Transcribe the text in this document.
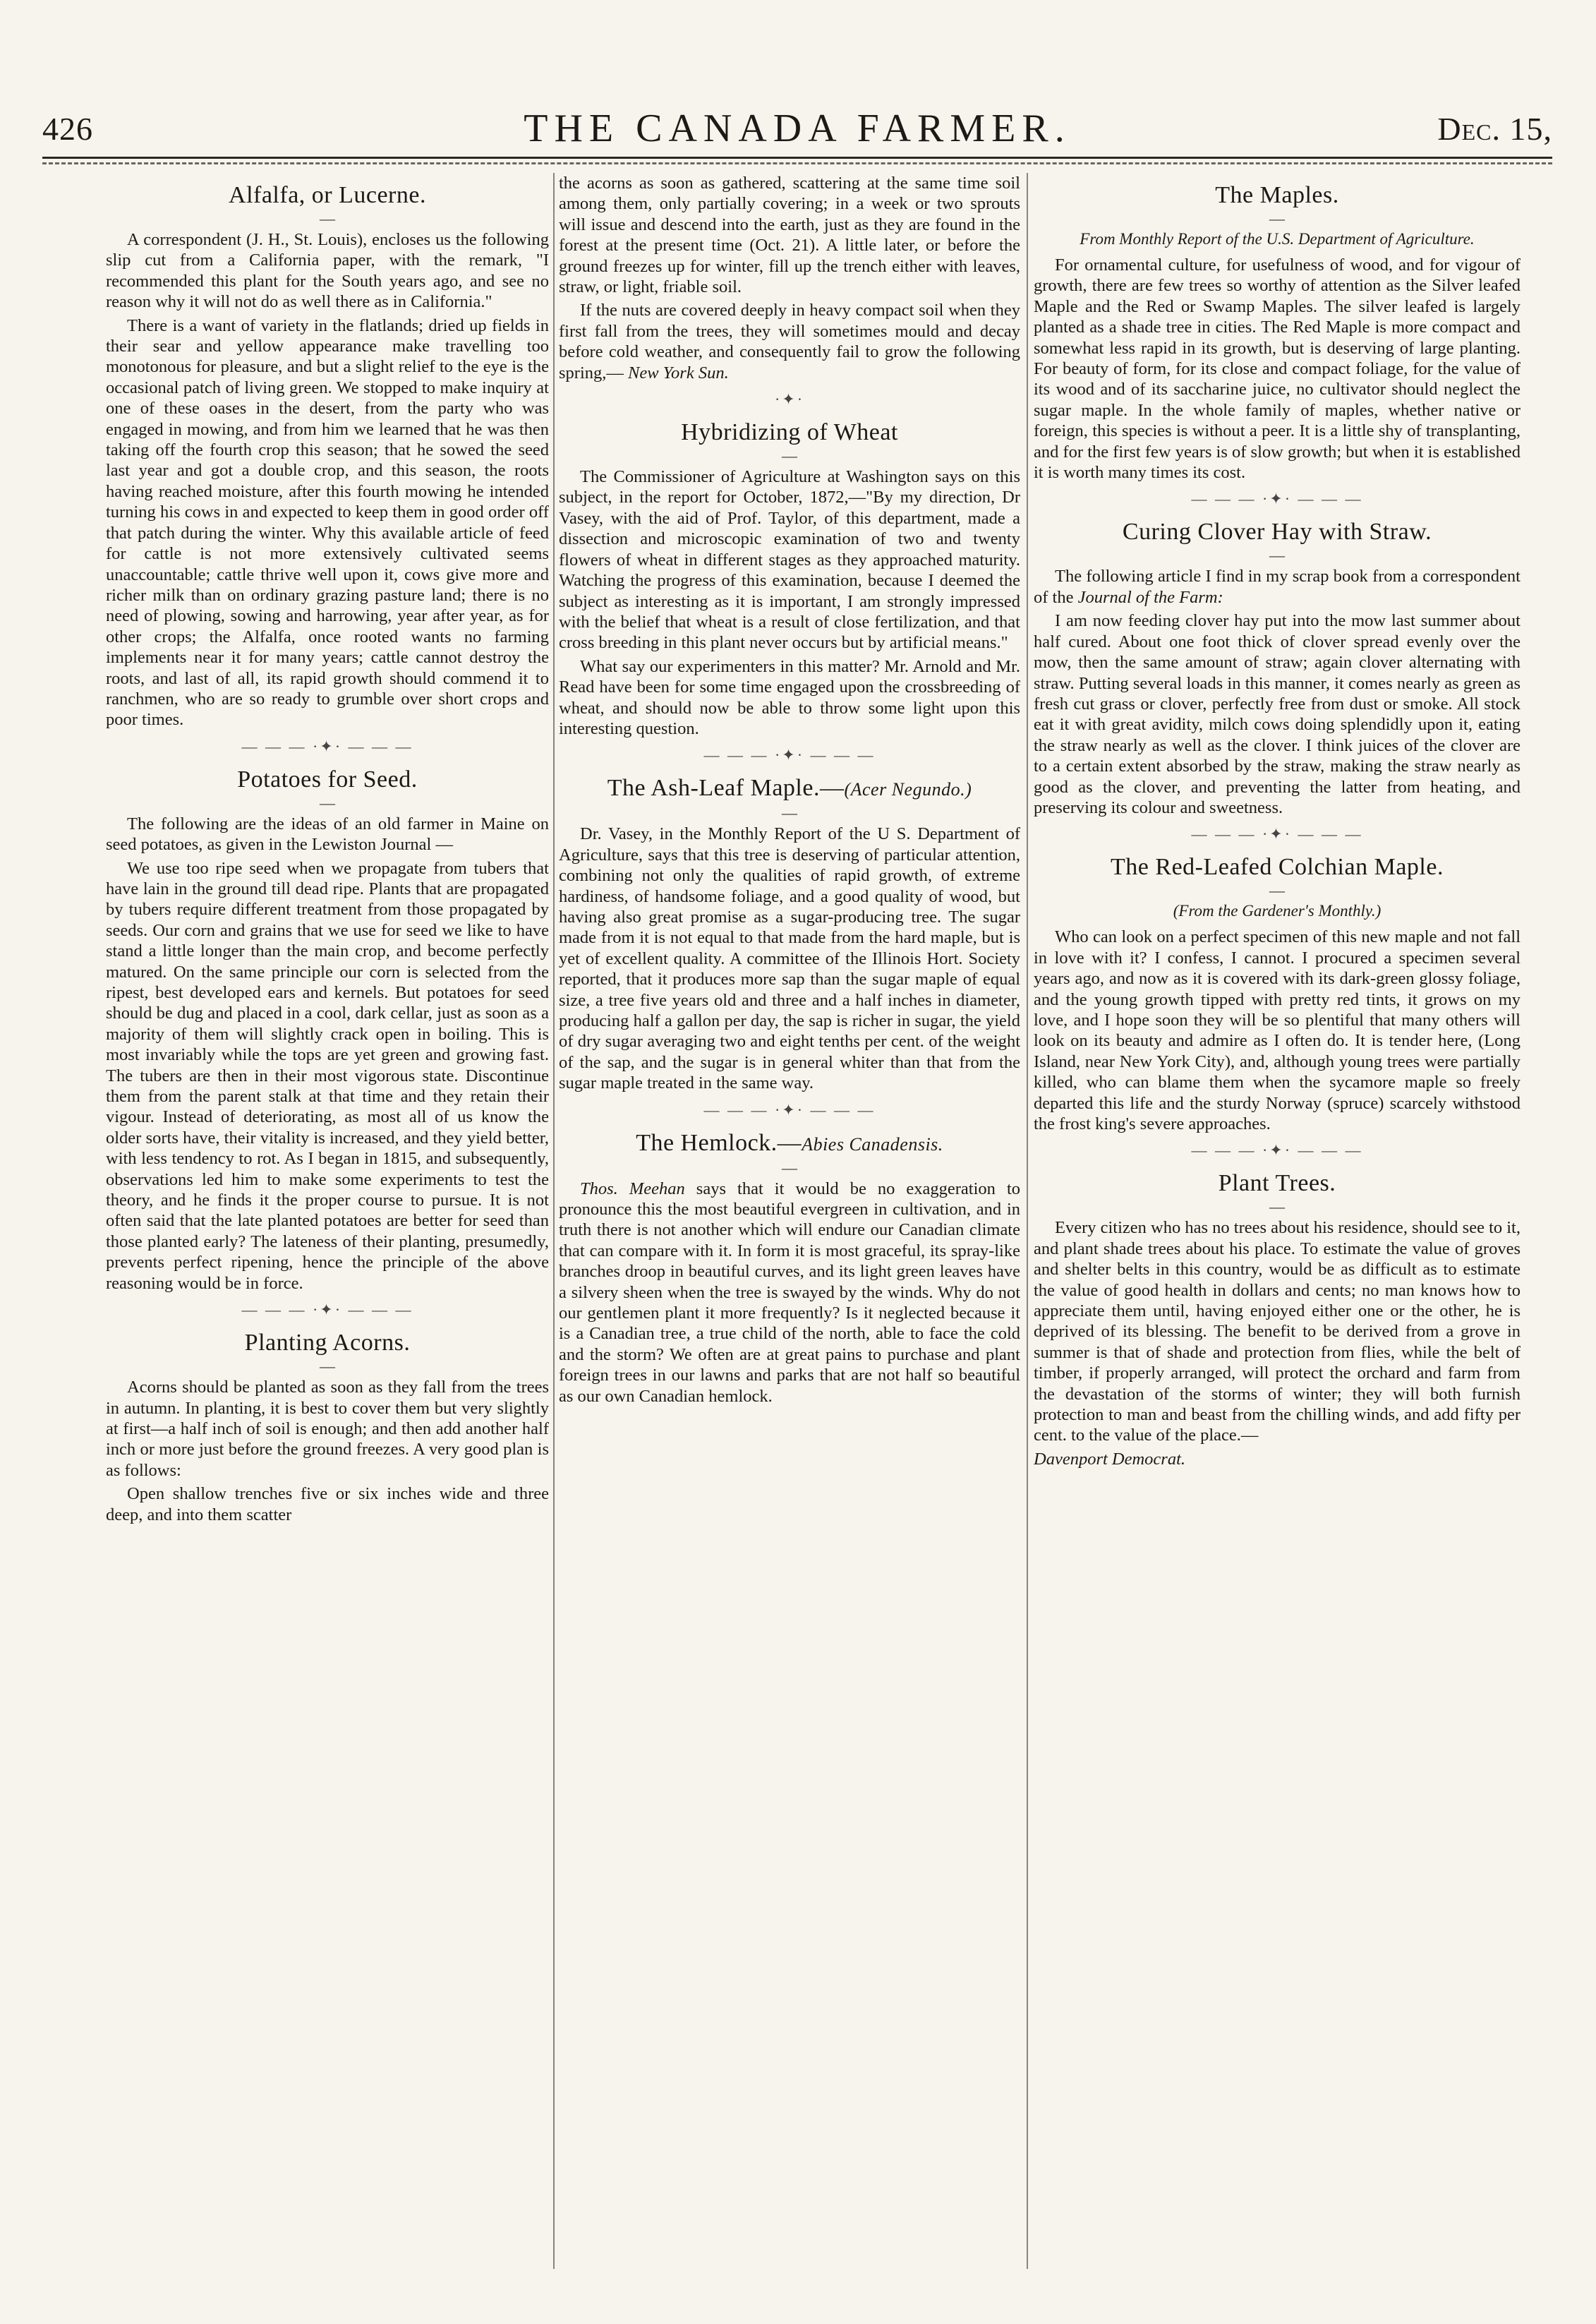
426	THE CANADA FARMER.	Dec. 15,
Alfalfa, or Lucerne.
—

A correspondent (J. H., St. Louis), encloses us the following slip cut from a California paper, with the remark, "I recommended this plant for the South years ago, and see no reason why it will not do as well there as in California."

There is a want of variety in the flatlands; dried up fields in their sear and yellow appearance make travelling too monotonous for pleasure, and but a slight relief to the eye is the occasional patch of living green. We stopped to make inquiry at one of these oases in the desert, from the party who was engaged in mowing, and from him we learned that he was then taking off the fourth crop this season; that he sowed the seed last year and got a double crop, and this season, the roots having reached moisture, after this fourth mowing he intended turning his cows in and expected to keep them in good order off that patch during the winter. Why this available article of feed for cattle is not more extensively cultivated seems unaccountable; cattle thrive well upon it, cows give more and richer milk than on ordinary grazing pasture land; there is no need of plowing, sowing and harrowing, year after year, as for other crops; the Alfalfa, once rooted wants no farming implements near it for many years; cattle cannot destroy the roots, and last of all, its rapid growth should commend it to ranchmen, who are so ready to grumble over short crops and poor times.

— — — ·✦· — — —
Potatoes for Seed.
—

The following are the ideas of an old farmer in Maine on seed potatoes, as given in the Lewiston Journal —

We use too ripe seed when we propagate from tubers that have lain in the ground till dead ripe. Plants that are propagated by tubers require different treatment from those propagated by seeds. Our corn and grains that we use for seed we like to have stand a little longer than the main crop, and become perfectly matured. On the same principle our corn is selected from the ripest, best developed ears and kernels. But potatoes for seed should be dug and placed in a cool, dark cellar, just as soon as a majority of them will slightly crack open in boiling. This is most invariably while the tops are yet green and growing fast. The tubers are then in their most vigorous state. Discontinue them from the parent stalk at that time and they retain their vigour. Instead of deteriorating, as most all of us know the older sorts have, their vitality is increased, and they yield better, with less tendency to rot. As I began in 1815, and subsequently, observations led him to make some experiments to test the theory, and he finds it the proper course to pursue. It is not often said that the late planted potatoes are better for seed than those planted early? The lateness of their planting, presumedly, prevents perfect ripening, hence the principle of the above reasoning would be in force.

— — — ·✦· — — —
Planting Acorns.
—

Acorns should be planted as soon as they fall from the trees in autumn. In planting, it is best to cover them but very slightly at first—a half inch of soil is enough; and then add another half inch or more just before the ground freezes. A very good plan is as follows:

Open shallow trenches five or six inches wide and three deep, and into them scatter

the acorns as soon as gathered, scattering at the same time soil among them, only partially covering; in a week or two sprouts will issue and descend into the earth, just as they are found in the forest at the present time (Oct. 21). A little later, or before the ground freezes up for winter, fill up the trench either with leaves, straw, or light, friable soil.

If the nuts are covered deeply in heavy compact soil when they first fall from the trees, they will sometimes mould and decay before cold weather, and consequently fail to grow the following spring,— New York Sun.

·✦·
Hybridizing of Wheat
—

The Commissioner of Agriculture at Washington says on this subject, in the report for October, 1872,—"By my direction, Dr Vasey, with the aid of Prof. Taylor, of this department, made a dissection and microscopic examination of two and twenty flowers of wheat in different stages as they approached maturity. Watching the progress of this examination, because I deemed the subject as interesting as it is important, I am strongly impressed with the belief that wheat is a result of close fertilization, and that cross breeding in this plant never occurs but by artificial means."

What say our experimenters in this matter? Mr. Arnold and Mr. Read have been for some time engaged upon the crossbreeding of wheat, and should now be able to throw some light upon this interesting question.

— — — ·✦· — — —
The Ash-Leaf Maple.—(Acer Negundo.)
—

Dr. Vasey, in the Monthly Report of the U S. Department of Agriculture, says that this tree is deserving of particular attention, combining not only the qualities of rapid growth, of extreme hardiness, of handsome foliage, and a good quality of wood, but having also great promise as a sugar-producing tree. The sugar made from it is not equal to that made from the hard maple, but is yet of excellent quality. A committee of the Illinois Hort. Society reported, that it produces more sap than the sugar maple of equal size, a tree five years old and three and a half inches in diameter, producing half a gallon per day, the sap is richer in sugar, the yield of dry sugar averaging two and eight tenths per cent. of the weight of the sap, and the sugar is in general whiter than that from the sugar maple treated in the same way.

— — — ·✦· — — —
The Hemlock.—Abies Canadensis.
—

Thos. Meehan says that it would be no exaggeration to pronounce this the most beautiful evergreen in cultivation, and in truth there is not another which will endure our Canadian climate that can compare with it. In form it is most graceful, its spray-like branches droop in beautiful curves, and its light green leaves have a silvery sheen when the tree is swayed by the winds. Why do not our gentlemen plant it more frequently? Is it neglected because it is a Canadian tree, a true child of the north, able to face the cold and the storm? We often are at great pains to purchase and plant foreign trees in our lawns and parks that are not half so beautiful as our own Canadian hemlock.

The Maples.
—
From Monthly Report of the U.S. Department of Agriculture.

For ornamental culture, for usefulness of wood, and for vigour of growth, there are few trees so worthy of attention as the Silver leafed Maple and the Red or Swamp Maples. The silver leafed is largely planted as a shade tree in cities. The Red Maple is more compact and somewhat less rapid in its growth, but is deserving of large planting. For beauty of form, for its close and compact foliage, for the value of its wood and of its saccharine juice, no cultivator should neglect the sugar maple. In the whole family of maples, whether native or foreign, this species is without a peer. It is a little shy of transplanting, and for the first few years is of slow growth; but when it is established it is worth many times its cost.

— — — ·✦· — — —
Curing Clover Hay with Straw.
—

The following article I find in my scrap book from a correspondent of the Journal of the Farm:

I am now feeding clover hay put into the mow last summer about half cured. About one foot thick of clover spread evenly over the mow, then the same amount of straw; again clover alternating with straw. Putting several loads in this manner, it comes nearly as green as fresh cut grass or clover, perfectly free from dust or smoke. All stock eat it with great avidity, milch cows doing splendidly upon it, eating the straw nearly as well as the clover. I think juices of the clover are to a certain extent absorbed by the straw, making the straw nearly as good as the clover, and preventing the latter from heating, and preserving its colour and sweetness.

— — — ·✦· — — —
The Red-Leafed Colchian Maple.
—
(From the Gardener's Monthly.)

Who can look on a perfect specimen of this new maple and not fall in love with it? I confess, I cannot. I procured a specimen several years ago, and now as it is covered with its dark-green glossy foliage, and the young growth tipped with pretty red tints, it grows on my love, and I hope soon they will be so plentiful that many others will look on its beauty and admire as I often do. It is tender here, (Long Island, near New York City), and, although young trees were partially killed, who can blame them when the sycamore maple so freely departed this life and the sturdy Norway (spruce) scarcely withstood the frost king's severe approaches.

— — — ·✦· — — —
Plant Trees.
—

Every citizen who has no trees about his residence, should see to it, and plant shade trees about his place. To estimate the value of groves and shelter belts in this country, would be as difficult as to estimate the value of good health in dollars and cents; no man knows how to appreciate them until, having enjoyed either one or the other, he is deprived of its blessing. The benefit to be derived from a grove in summer is that of shade and protection from flies, while the belt of timber, if properly arranged, will protect the orchard and farm from the devastation of the storms of winter; they will both furnish protection to man and beast from the chilling winds, and add fifty per cent. to the value of the place.—

Davenport Democrat.
